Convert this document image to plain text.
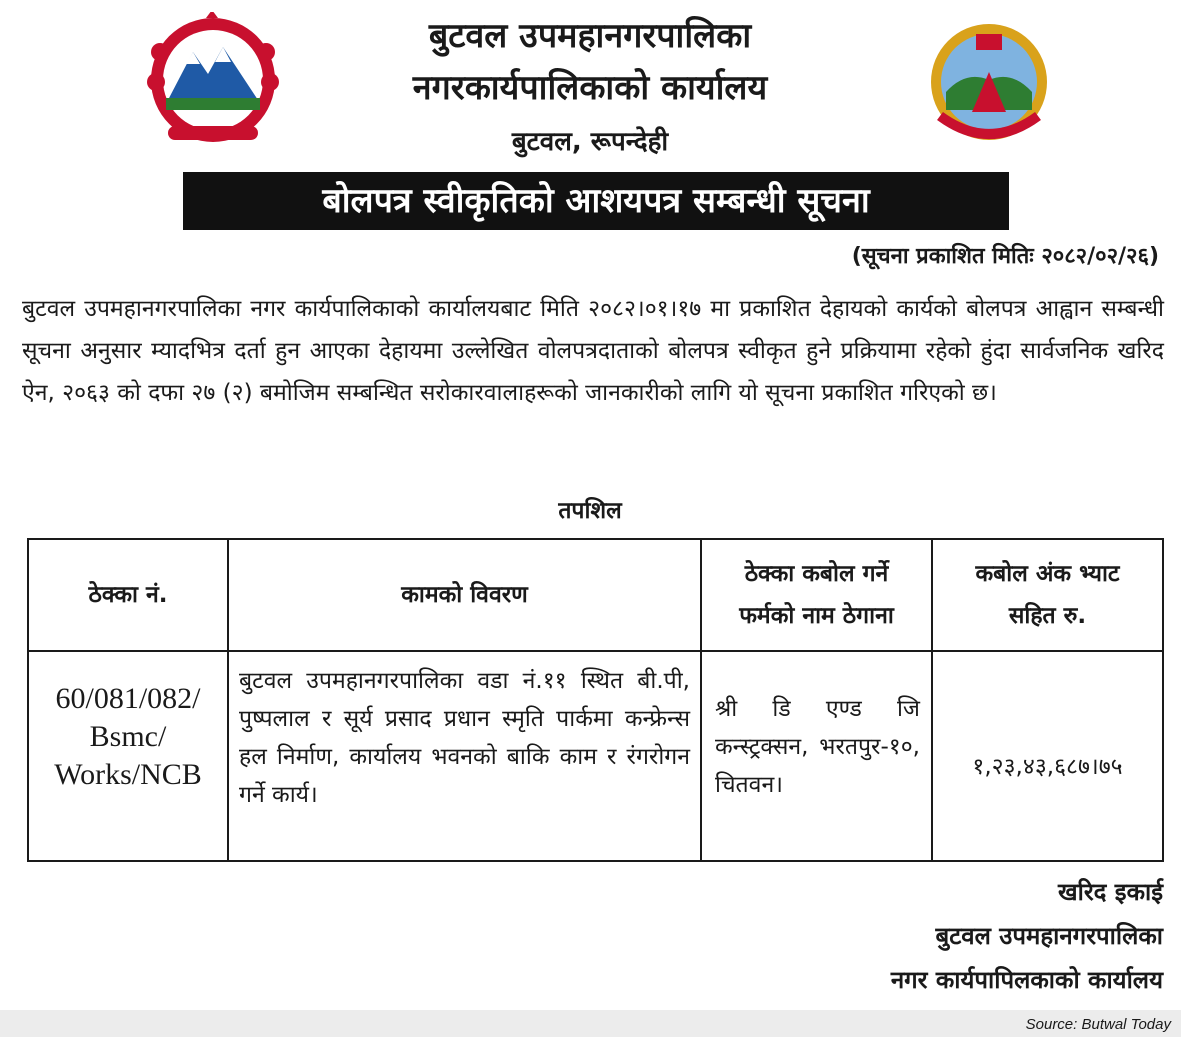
बुटवल उपमहानगरपालिका
नगरकार्यपालिकाको कार्यालय
बुटवल, रूपन्देही
बोलपत्र स्वीकृतिको आशयपत्र सम्बन्धी सूचना
(सूचना प्रकाशित मितिः २०८२/०२/२६)
बुटवल उपमहानगरपालिका नगर कार्यपालिकाको कार्यालयबाट मिति २०८२।०१।१७ मा प्रकाशित देहायको कार्यको बोलपत्र आह्वान सम्बन्धी सूचना अनुसार म्यादभित्र दर्ता हुन आएका देहायमा उल्लेखित वोलपत्रदाताको बोलपत्र स्वीकृत हुने प्रक्रियामा रहेको हुंदा सार्वजनिक खरिद ऐन, २०६३ को दफा २७ (२) बमोजिम सम्बन्धित सरोकारवालाहरूको जानकारीको लागि यो सूचना प्रकाशित गरिएको छ।
तपशिल
ठेक्का नं.	कामको विवरण
ठेक्का कबोल गर्ने
फर्मको नाम ठेगाना
कबोल अंक भ्याट
सहित रु.
60/081/082/
Bsmc/
Works/NCB
बुटवल उपमहानगरपालिका वडा नं.११ स्थित बी.पी, पुष्पलाल र सूर्य प्रसाद प्रधान स्मृति पार्कमा कन्फ्रेन्स हल निर्माण, कार्यालय भवनको बाकि काम र रंगरोगन गर्ने कार्य।
श्री डि एण्ड जि कन्स्ट्रक्सन, भरतपुर-१०, चितवन।
१,२३,४३,६८७।७५
खरिद इकाई
बुटवल उपमहानगरपालिका
नगर कार्यपापिलकाको कार्यालय
Source: Butwal Today
